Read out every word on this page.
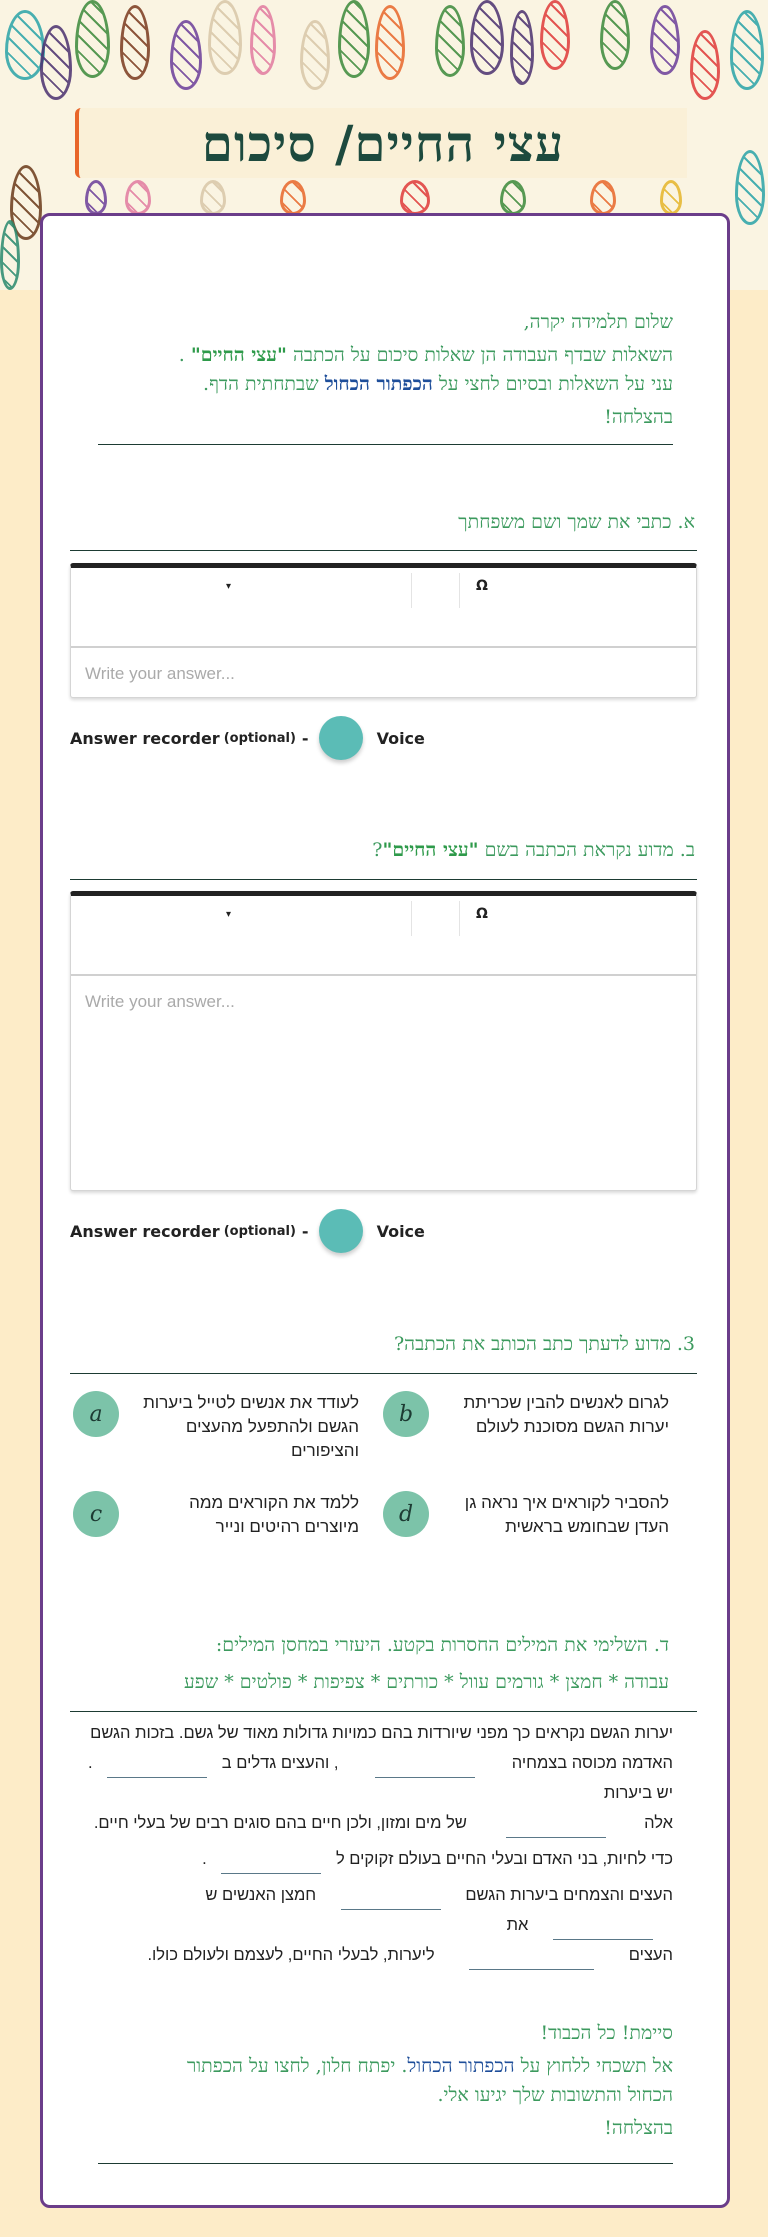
עצי החיים/ סיכום
שלום תלמידה יקרה,
השאלות שבדף העבודה הן שאלות סיכום על הכתבה "עצי החיים" .
עני על השאלות ובסיום לחצי על הכפתור הכחול שבתחתית הדף.
בהצלחה!
א. כתבי את שמך ושם משפחתך
▾	Ω
Write your answer...
Answer recorder (optional) -	Voice
ב. מדוע נקראת הכתבה בשם "עצי החיים"?
▾	Ω
Write your answer...
Answer recorder (optional) -	Voice
3. מדוע לדעתך כתב הכותב את הכתבה?
a	לעודד את אנשים לטייל ביערות הגשם ולהתפעל מהעצים והציפורים
b	לגרום לאנשים להבין שכריתת יערות הגשם מסוכנת לעולם
c	ללמד את הקוראים ממה מיוצרים רהיטים ונייר	d	להסביר לקוראים איך נראה גן העדן שבחומש בראשית
ד. השלימי את המילים החסרות בקטע. היעזרי במחסן המילים:
עבודה * חמצן * גורמים עוול * כורתים * צפיפות * פולטים * שפע
יערות הגשם נקראים כך מפני שיורדות בהם כמויות גדולות מאוד של גשם. בזכות הגשם
האדמה מכוסה בצמחיה  , והעצים גדלים ב  . יש ביערות
אלה  של מים ומזון, ולכן חיים בהם סוגים רבים של בעלי חיים.
כדי לחיות, בני האדם ובעלי החיים בעולם זקוקים ל  .
העצים והצמחים ביערות הגשם  חמצן האנשים ש  את
העצים  ליערות, לבעלי החיים, לעצמם ולעולם כולו.
סיימת! כל הכבוד!
אל תשכחי ללחוץ על הכפתור הכחול. יפתח חלון, לחצו על הכפתור
הכחול והתשובות שלך יגיעו אלי.
בהצלחה!
